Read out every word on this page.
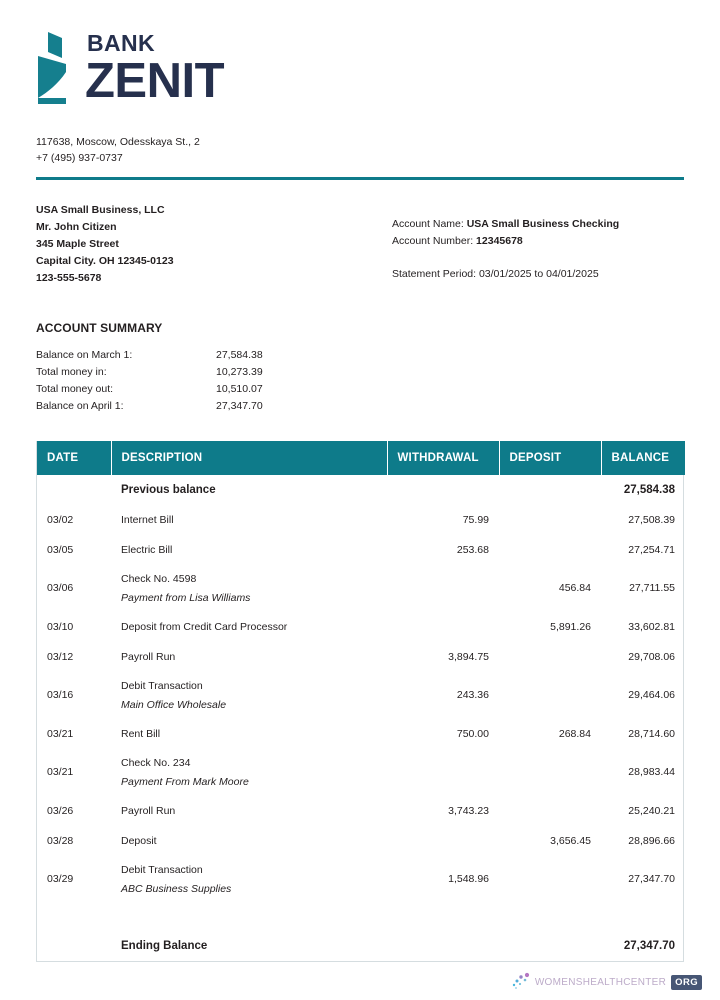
BANK
ZENIT
117638, Moscow, Odesskaya St., 2
+7 (495) 937-0737
USA Small Business, LLC
Mr. John Citizen
345 Maple Street
Capital City. OH 12345-0123
123-555-5678
Account Name: USA Small Business Checking
Account Number: 12345678
Statement Period: 03/01/2025 to 04/01/2025
ACCOUNT SUMMARY
Balance on March 1:	27,584.38
Total money in:	10,273.39
Total money out:	10,510.07
Balance on April 1:	27,347.70
DATE	DESCRIPTION	WITHDRAWAL	DEPOSIT	BALANCE

	Previous balance			27,584.38
03/02	Internet Bill	75.99		27,508.39
03/05	Electric Bill	253.68		27,254.71
03/06	Check No. 4598
Payment from Lisa Williams		456.84	27,711.55
03/10	Deposit from Credit Card Processor		5,891.26	33,602.81
03/12	Payroll Run	3,894.75		29,708.06
03/16	Debit Transaction
Main Office Wholesale	243.36		29,464.06
03/21	Rent Bill	750.00	268.84	28,714.60
03/21	Check No. 234
Payment From Mark Moore			28,983.44
03/26	Payroll Run	3,743.23		25,240.21
03/28	Deposit		3,656.45	28,896.66
03/29	Debit Transaction
ABC Business Supplies	1,548.96		27,347.70

	Ending Balance			27,347.70
WOMENSHEALTHCENTER ORG
